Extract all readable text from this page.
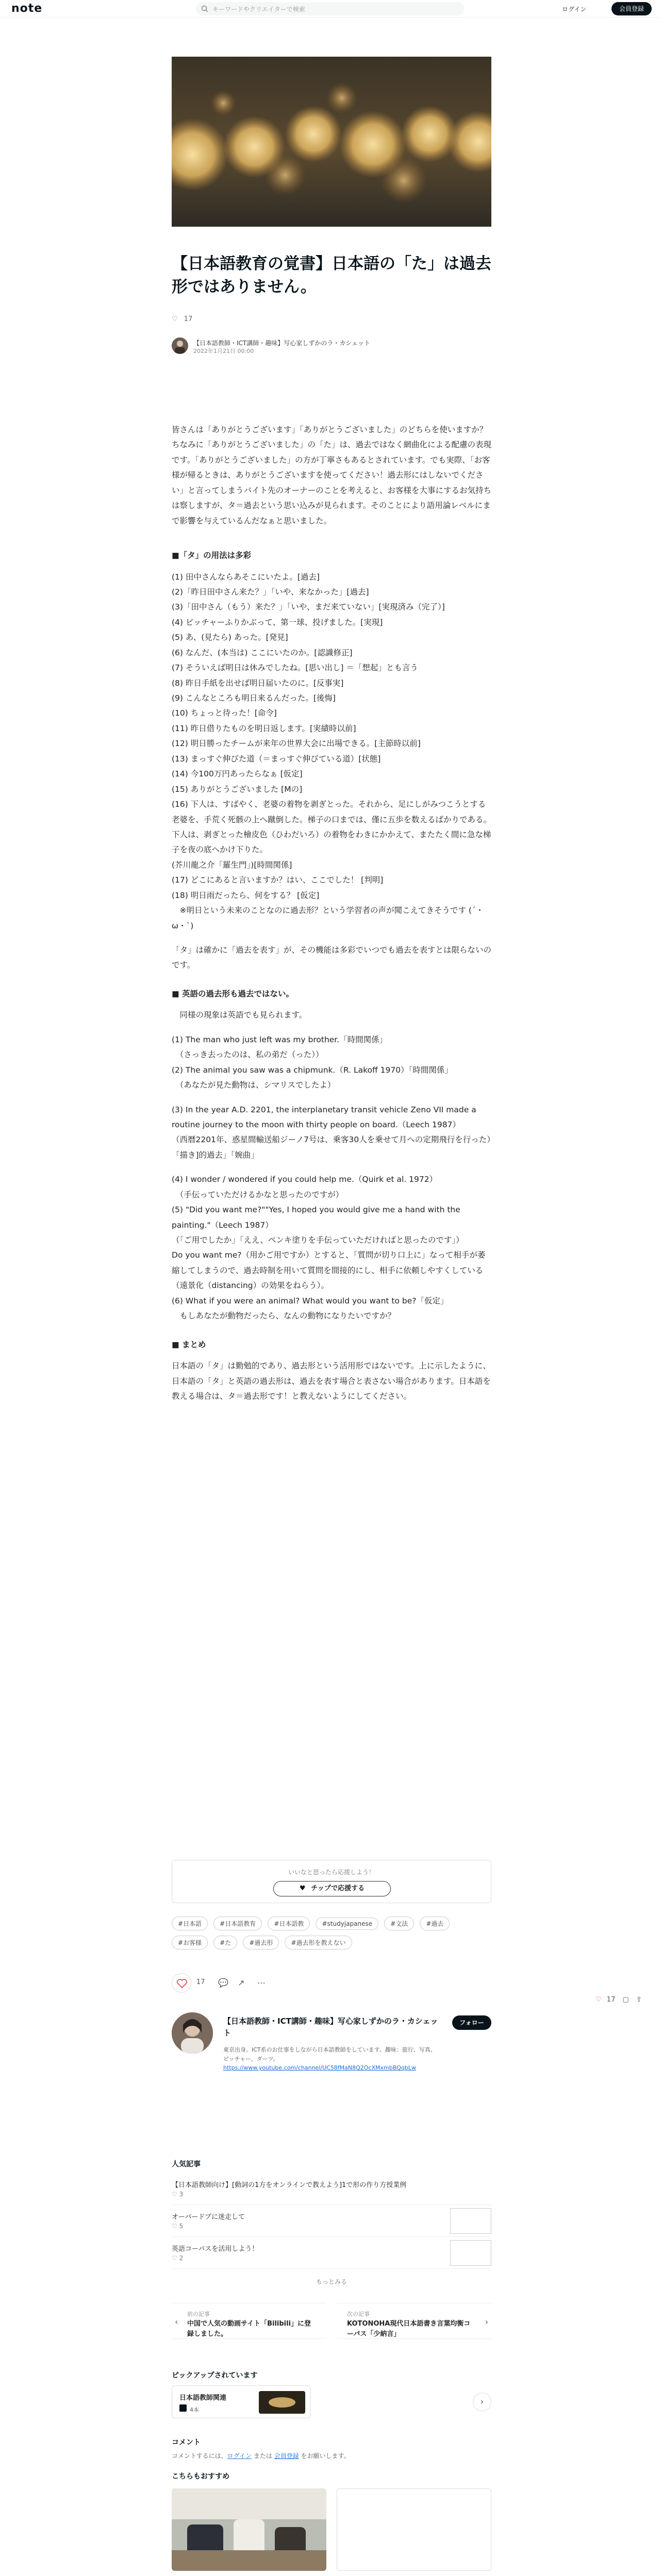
note	キーワードやクリエイターで検索	ログイン	会員登録
【日本語教育の覚書】日本語の「た」は過去形ではありません。
♡ 17
【日本語教師・ICT講師・趣味】写心家しずかのラ・カシェット
2022年1月21日 00:00

皆さんは「ありがとうございます」「ありがとうございました」のどちらを使いますか？ちなみに「ありがとうございました」の「た」は、過去ではなく網曲化による配慮の表現です。「ありがとうございました」の方が丁寧さもあるとされています。でも実際、「お客様が帰るときは、ありがとうございますを使ってください！過去形にはしないでください」と言ってしまうバイト先のオーナーのことを考えると、お客様を大事にするお気持ちは察しますが、タ＝過去という思い込みが見られます。そのことにより語用論レベルにまで影響を与えているんだなぁと思いました。

■「タ」の用法は多彩

(1) 田中さんならあそこにいたよ。[過去]

(2)「昨日田中さん来た？」「いや、来なかった」[過去]

(3)「田中さん（もう）来た？」「いや、まだ来ていない」[実現済み（完了）]

(4) ピッチャーふりかぶって、第一球、投げました。[実現]

(5) あ、(見たら) あった。[発見]

(6) なんだ、(本当は) ここにいたのか。[認識修正]

(7) そういえば明日は休みでしたね。[思い出し] ＝「想起」とも言う

(8) 昨日手紙を出せば明日届いたのに。[反事実]

(9) こんなところも明日来るんだった。[後悔]

(10) ちょっと待った！[命令]

(11) 昨日借りたものを明日返します。[実績時以前]

(12) 明日勝ったチームが来年の世界大会に出場できる。[主節時以前]

(13) まっすぐ伸びた道（＝まっすぐ伸びている道）[状態]

(14) 今100万円あったらなぁ [仮定]

(15) ありがとうございました [Mの]

(16) 下人は、すばやく、老婆の着物を剥ぎとった。それから、足にしがみつこうとする老婆を、手荒く死骸の上へ蹴倒した。梯子の口までは、僅に五歩を数えるばかりである。下人は、剥ぎとった檜皮色（ひわだいろ）の着物をわきにかかえて、またたく間に急な梯子を夜の底へかけ下りた。

(芥川龍之介「羅生門」)[時間関係]

(17) どこにあると言いますか？はい、ここでした！ [判明]

(18) 明日雨だったら、何をする？ [仮定]

　※明日という未来のことなのに過去形？という学習者の声が聞こえてきそうです (´・ω・`)

「タ」は確かに「過去を表す」が、その機能は多彩でいつでも過去を表すとは限らないのです。

■ 英語の過去形も過去ではない。

　同様の現象は英語でも見られます。

(1) The man who just left was my brother.「時間関係」

　（さっき去ったのは、私の弟だ（った））

(2) The animal you saw was a chipmunk.（R. Lakoff 1970）「時間関係」

　（あなたが見た動物は、シマリスでしたよ）

(3) In the year A.D. 2201, the interplanetary transit vehicle Zeno VII made a routine journey to the moon with thirty people on board.（Leech 1987）

（西暦2201年、惑星間輸送船ジーノ7号は、乗客30人を乗せて月への定期飛行を行った）「描き]的過去」「婉曲」

(4) I wonder / wondered if you could help me.（Quirk et al. 1972）

　（手伝っていただけるかなと思ったのですが）

(5) "Did you want me?""Yes, I hoped you would give me a hand with the painting."（Leech 1987）

（「ご用でしたか」「ええ、ペンキ塗りを手伝っていただければと思ったのです」）

Do you want me?（用かご用ですか）とすると、「質問が切り口上に」なって相手が萎縮してしまうので、過去時制を用いて質問を間接的にし、相手に依頼しやすくしている（遠景化（distancing）の効果をねらう）。

(6) What if you were an animal? What would you want to be?「仮定」

　もしあなたが動物だったら、なんの動物になりたいですか？

■ まとめ

日本語の「タ」は勤勉的であり、過去形という活用形ではないです。上に示したように、日本語の「タ」と英語の過去形は、過去を表す場合と表さない場合があります。日本語を教える場合は、タ＝過去形です！と教えないようにしてください。

いいなと思ったら応援しよう！
♥ チップで応援する
#日本語	#日本語教育	#日本語教	#studyjapanese	#文法	#過去 #お客様	#た	#過去形	#過去形を教えない
17 💬 ↗ ⋯
♡ 17 ▢ ⇪
【日本語教師・ICT講師・趣味】写心家しずかのラ・カシェット
東京出身。ICT系のお仕事をしながら日本語教師をしています。趣味：旅行、写真、ピッチャー、ダーツ。
https://www.youtube.com/channel/UC58fMaN8Q2OcXMxmbBQqbLw
フォロー
人気記事
【日本語教師向け】[動詞の1方をオンラインで教えよう]1で形の作り方授業例
♡ 3
オーバードブに迷走して
♡ 5
英語コーパスを活用しよう！
♡ 2
もっとみる
前の記事
‹ 中国で人気の動画サイト「Bilibili」に登録しました。
次の記事
KOTONOHA現代日本語書き言葉均衡コーパス「少納言」
›
ピックアップされています
日本語教師関連
4本
›
コメント
コメントするには、ログイン または 会員登録 をお願いします。
こちらもおすすめ
